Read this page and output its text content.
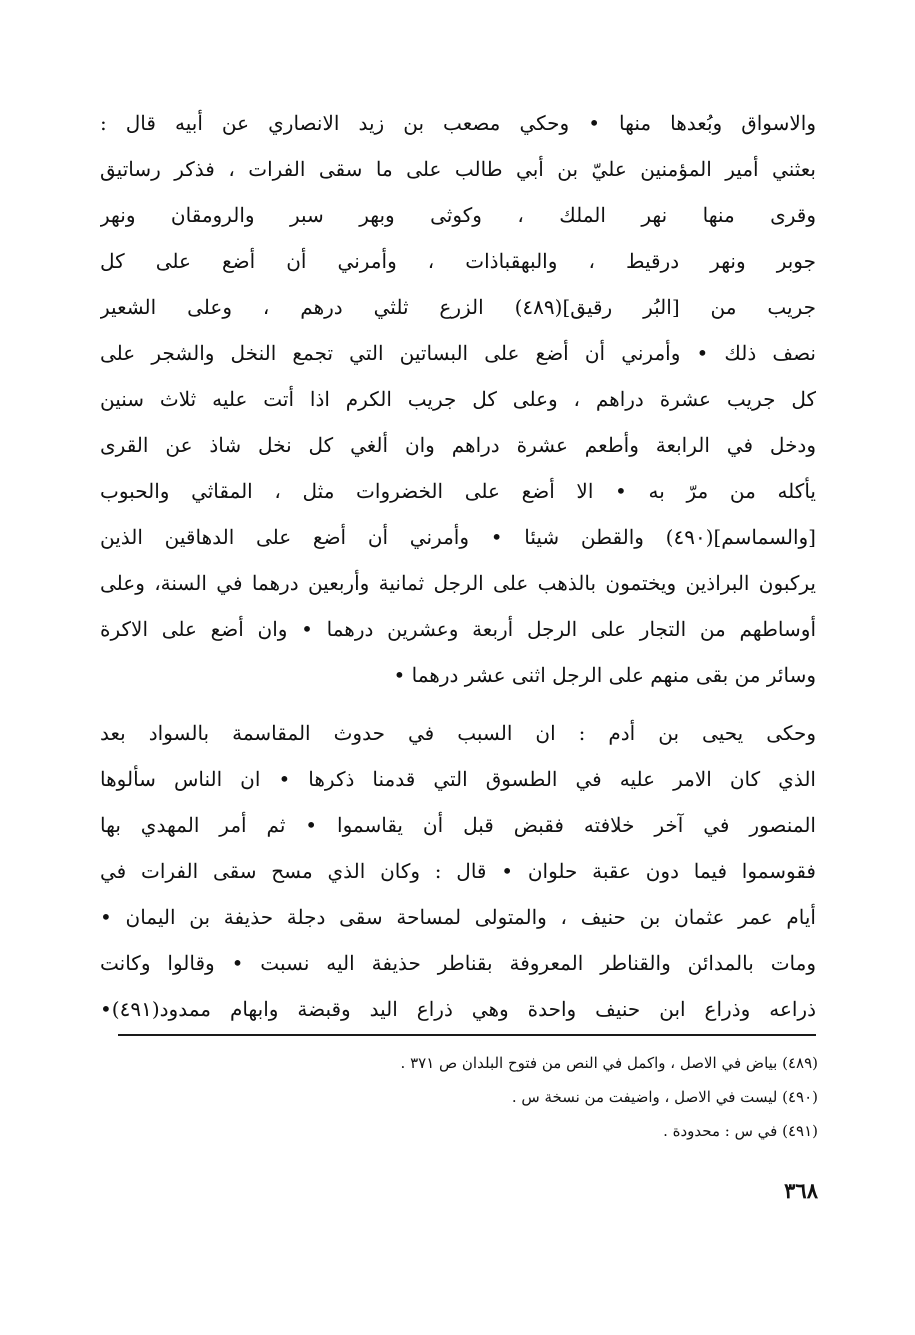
والاسواق وبُعدها منها • وحكي مصعب بن زيد الانصاري عن أبيه قال :
بعثني أمير المؤمنين عليّ بن أبي طالب على ما سقى الفرات ، فذكر رساتيق
وقرى منها نهر الملك ، وكوثى وبهر سبر والرومقان ونهر
جوبر ونهر درقيط ، والبهقباذات ، وأمرني أن أضع على كل
جريب من [البُر رقيق](٤٨٩) الزرع ثلثي درهم ، وعلى الشعير
نصف ذلك • وأمرني أن أضع على البساتين التي تجمع النخل والشجر على
كل جريب عشرة دراهم ، وعلى كل جريب الكرم اذا أتت عليه ثلاث سنين
ودخل في الرابعة وأطعم عشرة دراهم وان ألغي كل نخل شاذ عن القرى
يأكله من مرّ به • الا أضع على الخضروات مثل ، المقاثي والحبوب
[والسماسم](٤٩٠) والقطن شيئا • وأمرني أن أضع على الدهاقين الذين
يركبون البراذين ويختمون بالذهب على الرجل ثمانية وأربعين درهما في السنة، وعلى
أوساطهم من التجار على الرجل أربعة وعشرين درهما • وان أضع على الاكرة
وسائر من بقى منهم على الرجل اثنى عشر درهما •
وحكى يحيى بن أدم : ان السبب في حدوث المقاسمة بالسواد بعد
الذي كان الامر عليه في الطسوق التي قدمنا ذكرها • ان الناس سألوها
المنصور في آخر خلافته فقبض قبل أن يقاسموا • ثم أمر المهدي بها
فقوسموا فيما دون عقبة حلوان • قال : وكان الذي مسح سقى الفرات في
أيام عمر عثمان بن حنيف ، والمتولى لمساحة سقى دجلة حذيفة بن اليمان •
ومات بالمدائن والقناطر المعروفة بقناطر حذيفة اليه نسبت • وقالوا وكانت
ذراعه وذراع ابن حنيف واحدة وهي ذراع اليد وقبضة وابهام ممدود(٤٩١)•
(٤٨٩) بياض في الاصل ، واكمل في النص من فتوح البلدان ص ٣٧١ .
(٤٩٠) ليست في الاصل ، واضيفت من نسخة س .
(٤٩١) في س : محدودة .
٣٦٨
